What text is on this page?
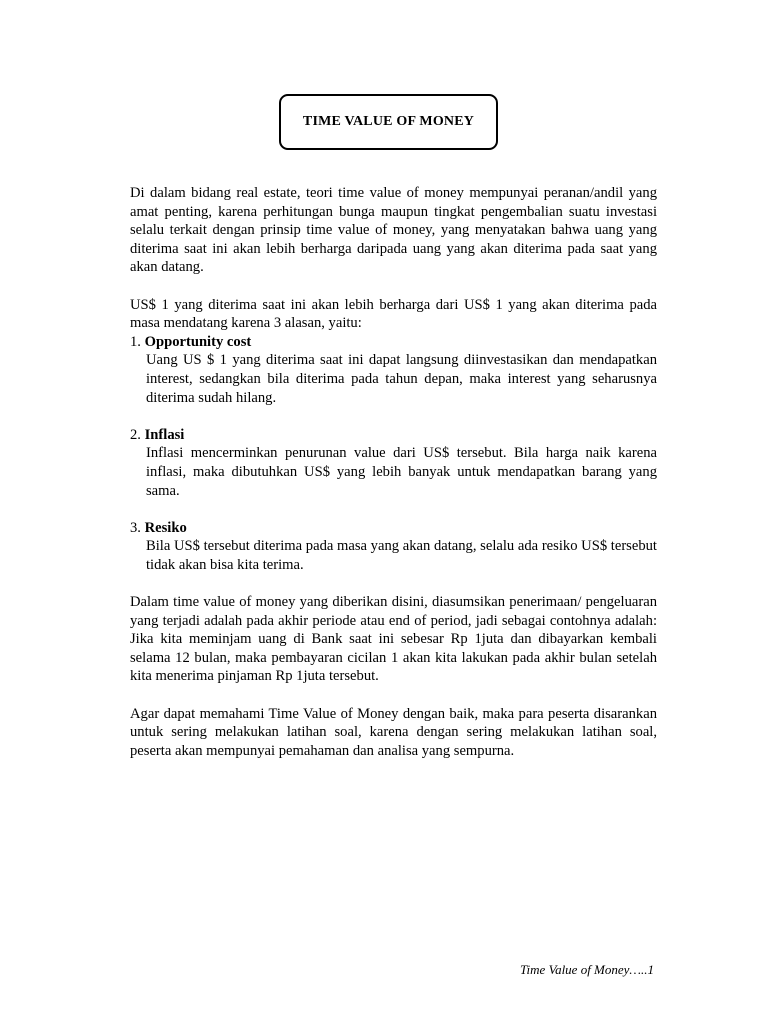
TIME VALUE OF MONEY

Di dalam bidang real estate, teori time value of money mempunyai peranan/andil yang amat penting, karena perhitungan bunga maupun tingkat pengembalian suatu investasi selalu terkait dengan prinsip time value of money, yang menyatakan bahwa uang yang diterima saat ini akan lebih berharga daripada uang yang akan diterima pada saat yang akan datang.

US$ 1 yang diterima saat ini akan lebih berharga dari US$ 1 yang akan diterima pada masa mendatang karena 3 alasan, yaitu:

1. Opportunity cost

Uang US $ 1 yang diterima saat ini dapat langsung diinvestasikan dan mendapatkan interest, sedangkan bila diterima pada tahun depan, maka interest yang seharusnya diterima sudah hilang.

2. Inflasi

Inflasi mencerminkan penurunan value dari US$ tersebut. Bila harga naik karena inflasi, maka dibutuhkan US$ yang lebih banyak untuk mendapatkan barang yang sama.

3. Resiko

Bila US$ tersebut diterima pada masa yang akan datang, selalu ada resiko US$ tersebut tidak akan bisa kita terima.

Dalam time value of money yang diberikan disini, diasumsikan penerimaan/ pengeluaran yang terjadi adalah pada akhir periode atau end of period, jadi sebagai contohnya adalah: Jika kita meminjam uang di Bank saat ini sebesar Rp 1juta dan dibayarkan kembali selama 12 bulan, maka pembayaran cicilan 1 akan kita lakukan pada akhir bulan setelah kita menerima pinjaman Rp 1juta tersebut.

Agar dapat memahami Time Value of Money dengan baik, maka para peserta disarankan untuk sering melakukan latihan soal, karena dengan sering melakukan latihan soal, peserta akan mempunyai pemahaman dan analisa yang sempurna.

Time Value of Money…..1
